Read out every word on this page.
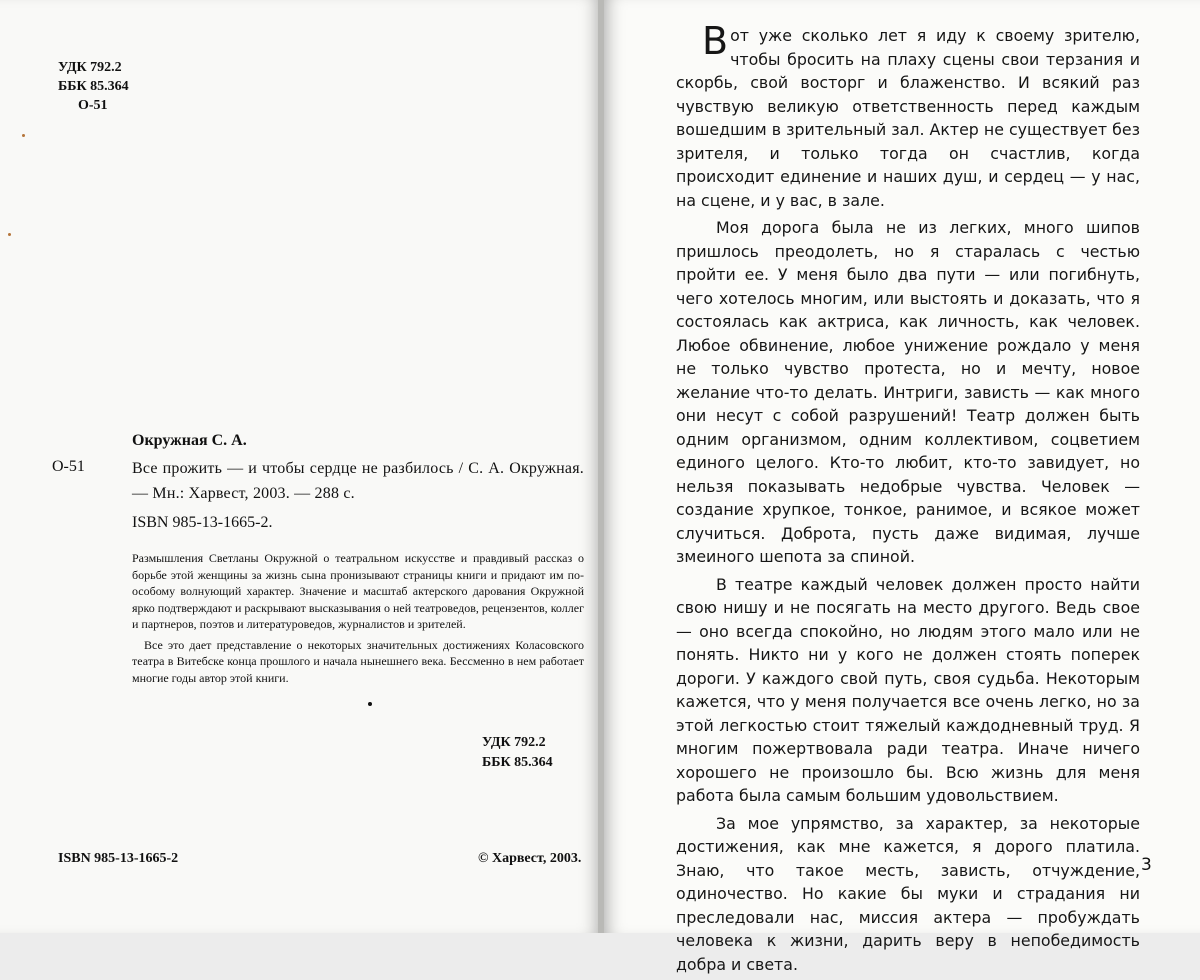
УДК 792.2
ББК 85.364
О-51
О-51
Окружная С. А.
Все прожить — и чтобы сердце не разбилось / С. А. Окружная. — Мн.: Харвест, 2003. — 288 с.
ISBN 985-13-1665-2.

Размышления Светланы Окружной о театральном искусстве и правдивый рассказ о борьбе этой женщины за жизнь сына пронизывают страницы книги и придают им по-особому волнующий характер. Значение и масштаб актерского дарования Окружной ярко подтверждают и раскрывают высказывания о ней театроведов, рецензентов, коллег и партнеров, поэтов и литературоведов, журналистов и зрителей.

Все это дает представление о некоторых значительных достижениях Коласовского театра в Витебске конца прошлого и начала нынешнего века. Бессменно в нем работает многие годы автор этой книги.

УДК 792.2
ББК 85.364
ISBN 985-13-1665-2	© Харвест, 2003.

Вот уже сколько лет я иду к своему зрителю, чтобы бросить на плаху сцены свои терзания и скорбь, свой восторг и блаженство. И всякий раз чувствую великую ответственность перед каждым вошедшим в зрительный зал. Актер не существует без зрителя, и только тогда он счастлив, когда происходит единение и наших душ, и сердец — у нас, на сцене, и у вас, в зале.

Моя дорога была не из легких, много шипов пришлось преодолеть, но я старалась с честью пройти ее. У меня было два пути — или погибнуть, чего хотелось многим, или выстоять и доказать, что я состоялась как актриса, как личность, как человек. Любое обвинение, любое унижение рождало у меня не только чувство протеста, но и мечту, новое желание что-то делать. Интриги, зависть — как много они несут с собой разрушений! Театр должен быть одним организмом, одним коллективом, соцветием единого целого. Кто-то любит, кто-то завидует, но нельзя показывать недобрые чувства. Человек — создание хрупкое, тонкое, ранимое, и всякое может случиться. Доброта, пусть даже видимая, лучше змеиного шепота за спиной.

В театре каждый человек должен просто найти свою нишу и не посягать на место другого. Ведь свое — оно всегда спокойно, но людям этого мало или не понять. Никто ни у кого не должен стоять поперек дороги. У каждого свой путь, своя судьба. Некоторым кажется, что у меня получается все очень легко, но за этой легкостью стоит тяжелый каждодневный труд. Я многим пожертвовала ради театра. Иначе ничего хорошего не произошло бы. Всю жизнь для меня работа была самым большим удовольствием.

За мое упрямство, за характер, за некоторые достижения, как мне кажется, я дорого платила. Знаю, что такое месть, зависть, отчуждение, одиночество. Но какие бы муки и страдания ни преследовали нас, миссия актера — пробуждать человека к жизни, дарить веру в непобедимость добра и света.

3
